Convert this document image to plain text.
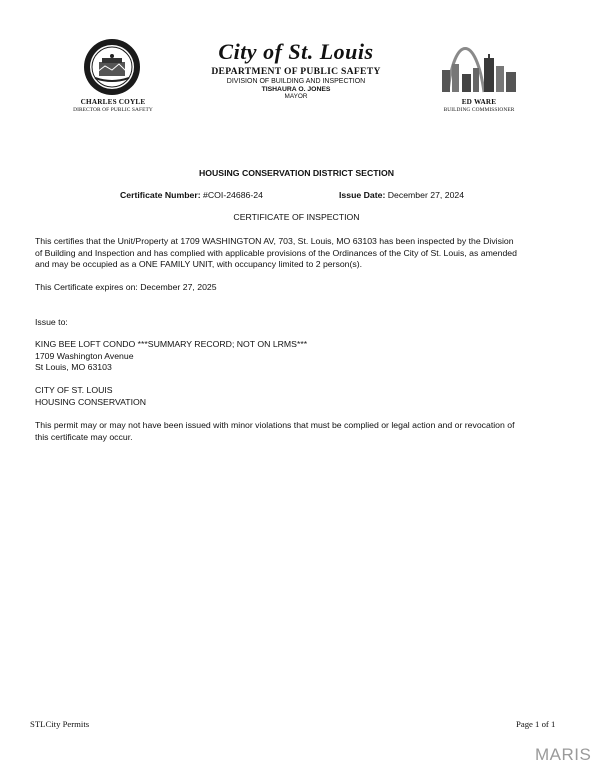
CHARLES COYLE
DIRECTOR OF PUBLIC SAFETY
City of St. Louis
DEPARTMENT OF PUBLIC SAFETY
DIVISION OF BUILDING AND INSPECTION
TISHAURA O. JONES
MAYOR
ED WARE
BUILDING COMMISSIONER
HOUSING CONSERVATION DISTRICT SECTION
Certificate Number: #COI-24686-24	Issue Date: December 27, 2024
CERTIFICATE OF INSPECTION
This certifies that the Unit/Property at 1709 WASHINGTON AV, 703, St. Louis, MO 63103 has been inspected by the Division
of Building and Inspection and has complied with applicable provisions of the Ordinances of the City of St. Louis, as amended
and may be occupied as a ONE FAMILY UNIT, with occupancy limited to 2 person(s).
This Certificate expires on: December 27, 2025
Issue to:
KING BEE LOFT CONDO ***SUMMARY RECORD; NOT ON LRMS***
1709 Washington Avenue
St Louis, MO 63103
CITY OF ST. LOUIS
HOUSING CONSERVATION
This permit may or may not have been issued with minor violations that must be complied or legal action and or revocation of
this certificate may occur.
STLCity Permits	Page 1 of 1
MARIS
